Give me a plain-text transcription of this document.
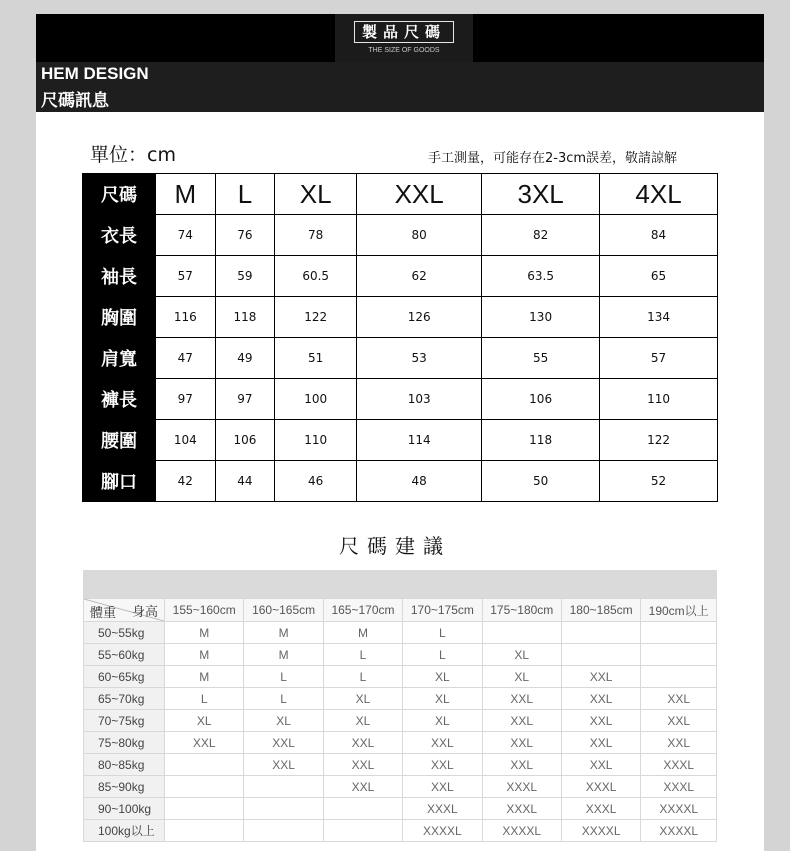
製品尺碼
THE SIZE OF GOODS
HEM DESIGN
尺碼訊息
單位：cm	手工測量，可能存在2-3cm誤差，敬請諒解
尺碼	M	L	XL	XXL	3XL	4XL
衣長	74	76	78	80	82	84
袖長	57	59	60.5	62	63.5	65
胸圍	116	118	122	126	130	134
肩寬	47	49	51	53	55	57
褲長	97	97	100	103	106	110
腰圍	104	106	110	114	118	122
腳口	42	44	46	48	50	52
尺碼建議
身高
體重	155~160cm	160~165cm	165~170cm	170~175cm	175~180cm	180~185cm	190cm以上
50~55kg	M	M	M	L			
55~60kg	M	M	L	L	XL		
60~65kg	M	L	L	XL	XL	XXL	
65~70kg	L	L	XL	XL	XXL	XXL	XXL
70~75kg	XL	XL	XL	XL	XXL	XXL	XXL
75~80kg	XXL	XXL	XXL	XXL	XXL	XXL	XXL
80~85kg		XXL	XXL	XXL	XXL	XXL	XXXL
85~90kg			XXL	XXL	XXXL	XXXL	XXXL
90~100kg				XXXL	XXXL	XXXL	XXXXL
100kg以上				XXXXL	XXXXL	XXXXL	XXXXL
